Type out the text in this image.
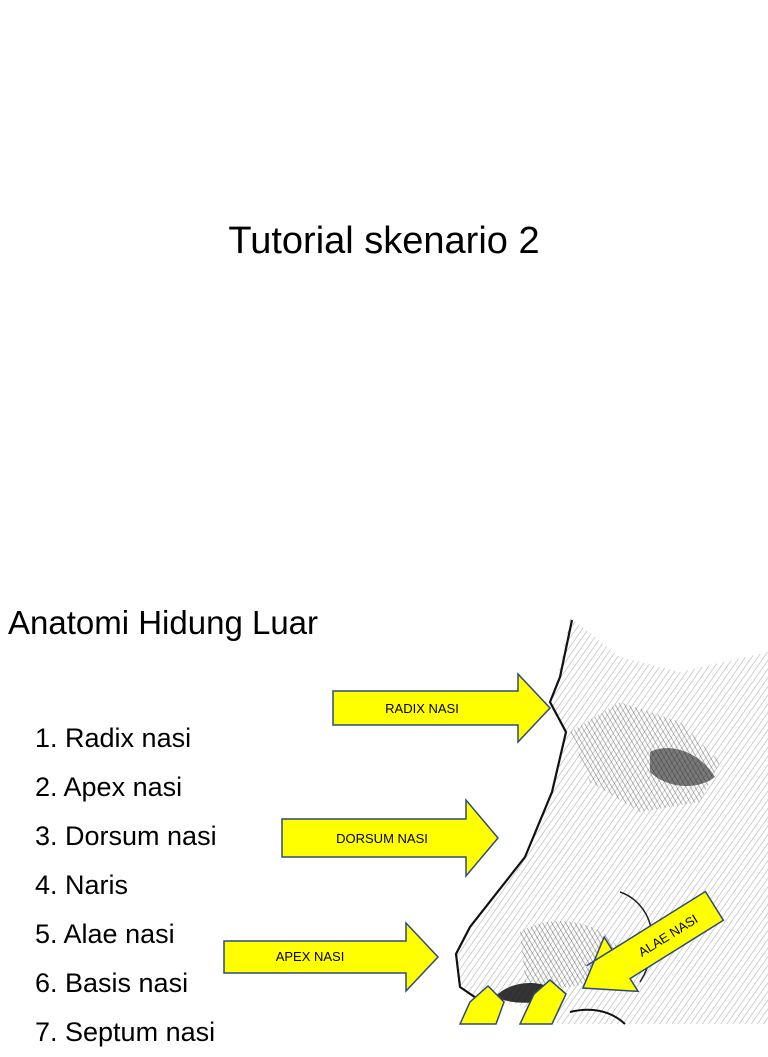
Tutorial skenario 2
Anatomi Hidung Luar
1. Radix nasi
2. Apex nasi
3. Dorsum nasi
4. Naris
5. Alae nasi
6. Basis nasi
7. Septum nasi
RADIX NASI
DORSUM NASI
ALAE NASI
APEX NASI
